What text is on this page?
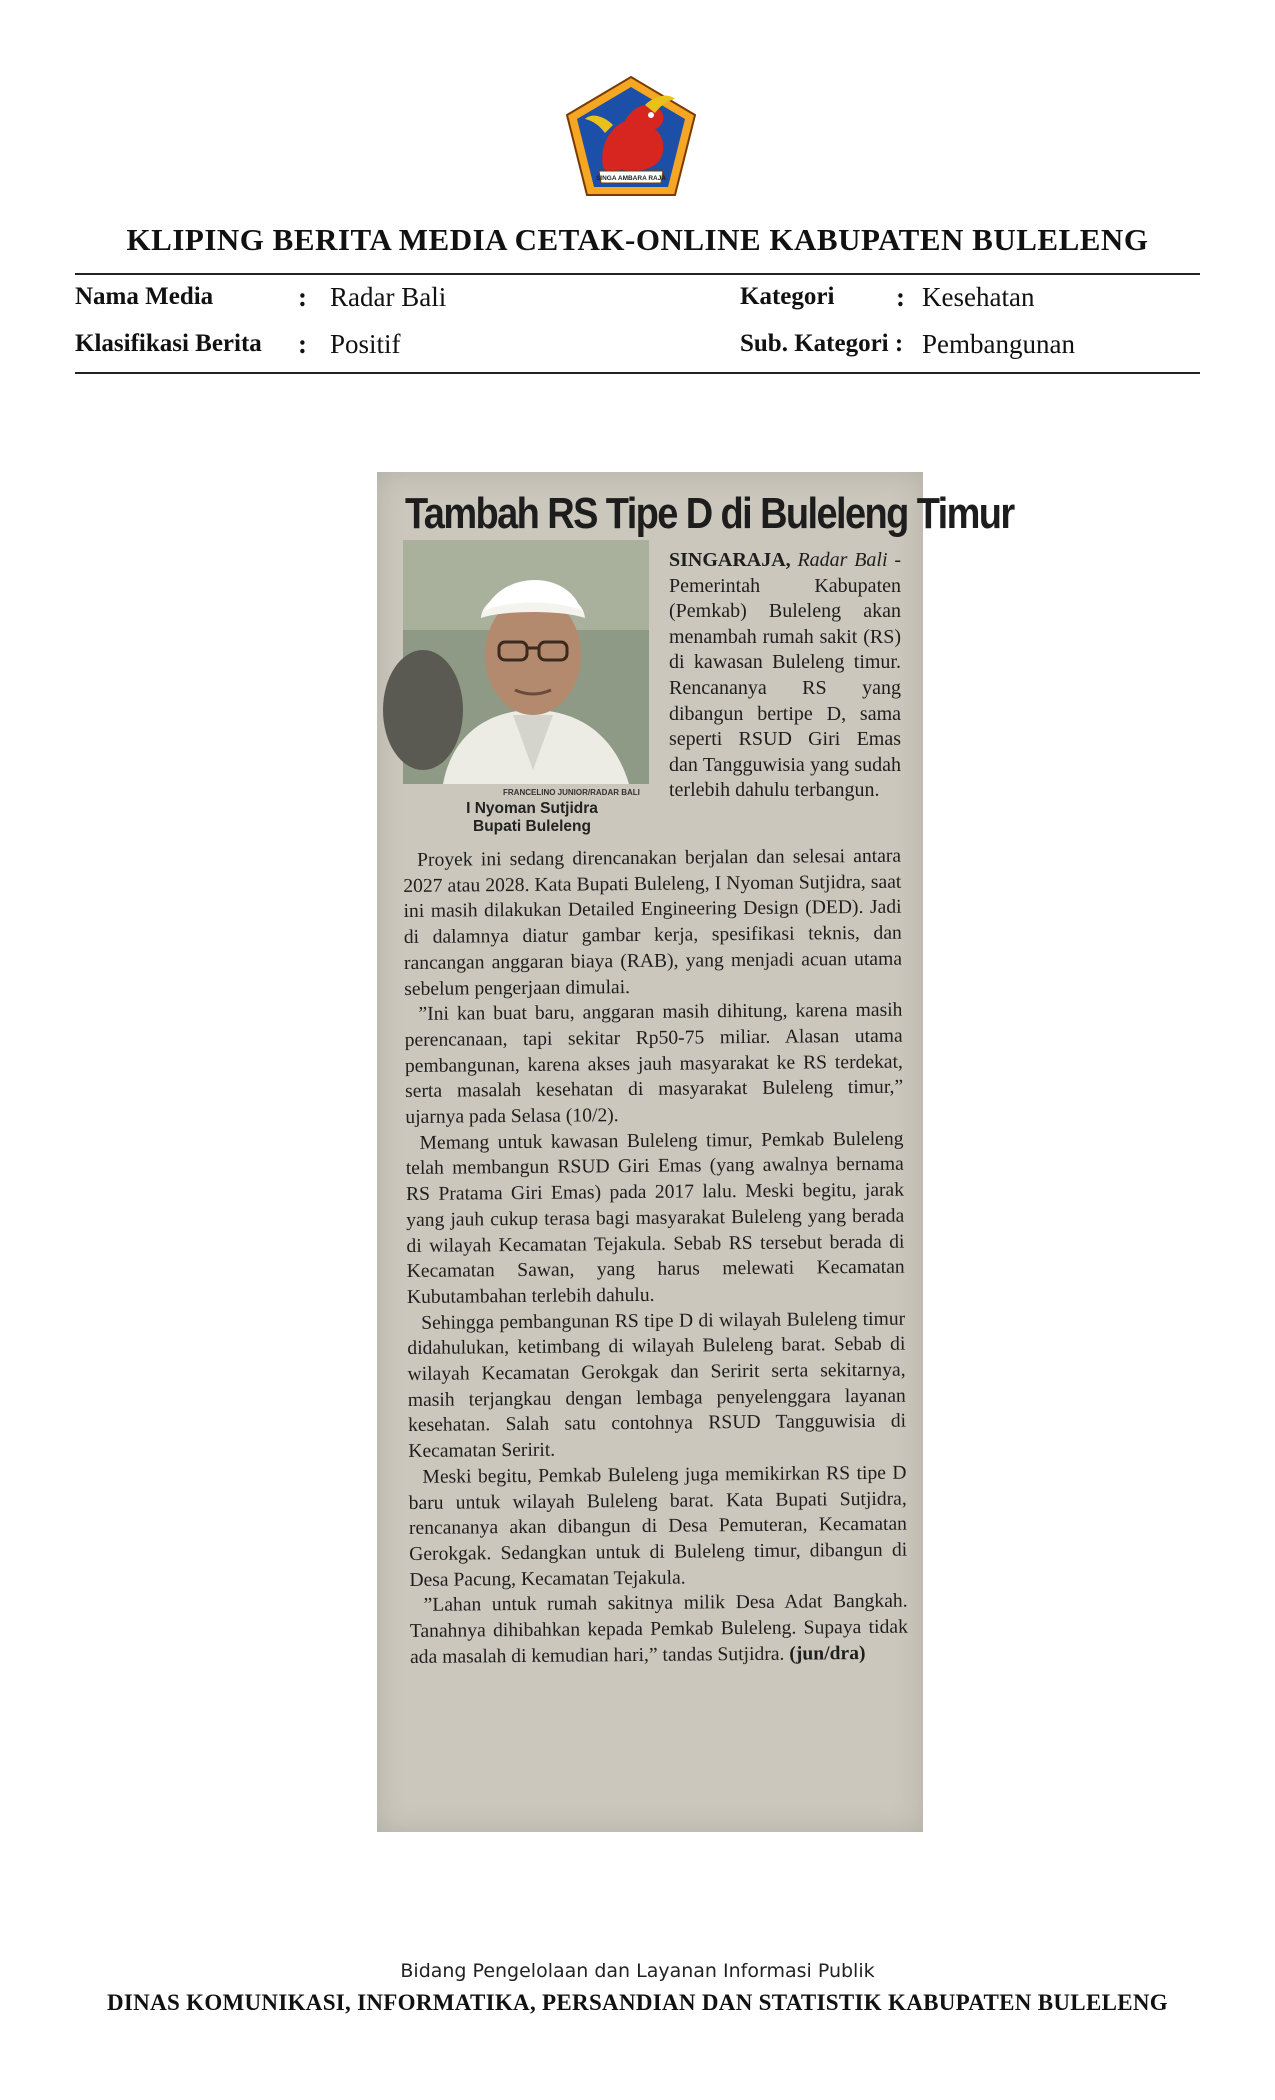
SINGA AMBARA RAJA
KLIPING BERITA MEDIA CETAK-ONLINE KABUPATEN BULELENG
Nama Media	: Radar Bali
Klasifikasi Berita : Positif
Kategori : Kesehatan
Sub. Kategori : Pembangunan
Tambah RS Tipe D di Buleleng Timur
FRANCELINO JUNIOR/RADAR BALI
I Nyoman Sutjidra
Bupati Buleleng
SINGARAJA, Radar Bali - Pemerintah Kabupaten (Pemkab) Buleleng akan menambah rumah sakit (RS) di kawasan Buleleng timur. Rencananya RS yang dibangun bertipe D, sama seperti RSUD Giri Emas dan Tangguwisia yang sudah terlebih dahulu terbangun.

Proyek ini sedang direncanakan berjalan dan selesai antara 2027 atau 2028. Kata Bupati Buleleng, I Nyoman Sutjidra, saat ini masih dilakukan Detailed Engineering Design (DED). Jadi di dalamnya diatur gambar kerja, spesifikasi teknis, dan rancangan anggaran biaya (RAB), yang menjadi acuan utama sebelum pengerjaan dimulai.

”Ini kan buat baru, anggaran masih dihitung, karena masih perencanaan, tapi sekitar Rp50-75 miliar. Alasan utama pembangunan, karena akses jauh masyarakat ke RS terdekat, serta masalah kesehatan di masyarakat Buleleng timur,” ujarnya pada Selasa (10/2).

Memang untuk kawasan Buleleng timur, Pemkab Buleleng telah membangun RSUD Giri Emas (yang awalnya bernama RS Pratama Giri Emas) pada 2017 lalu. Meski begitu, jarak yang jauh cukup terasa bagi masyarakat Buleleng yang berada di wilayah Kecamatan Tejakula. Sebab RS tersebut berada di Kecamatan Sawan, yang harus melewati Kecamatan Kubutambahan terlebih dahulu.

Sehingga pembangunan RS tipe D di wilayah Buleleng timur didahulukan, ketimbang di wilayah Buleleng barat. Sebab di wilayah Kecamatan Gerokgak dan Seririt serta sekitarnya, masih terjangkau dengan lembaga penyelenggara layanan kesehatan. Salah satu contohnya RSUD Tangguwisia di Kecamatan Seririt.

Meski begitu, Pemkab Buleleng juga memikirkan RS tipe D baru untuk wilayah Buleleng barat. Kata Bupati Sutjidra, rencananya akan dibangun di Desa Pemuteran, Kecamatan Gerokgak. Sedangkan untuk di Buleleng timur, dibangun di Desa Pacung, Kecamatan Tejakula.

”Lahan untuk rumah sakitnya milik Desa Adat Bangkah. Tanahnya dihibahkan kepada Pemkab Buleleng. Supaya tidak ada masalah di kemudian hari,” tandas Sutjidra. (jun/dra)

Bidang Pengelolaan dan Layanan Informasi Publik
DINAS KOMUNIKASI, INFORMATIKA, PERSANDIAN DAN STATISTIK KABUPATEN BULELENG
